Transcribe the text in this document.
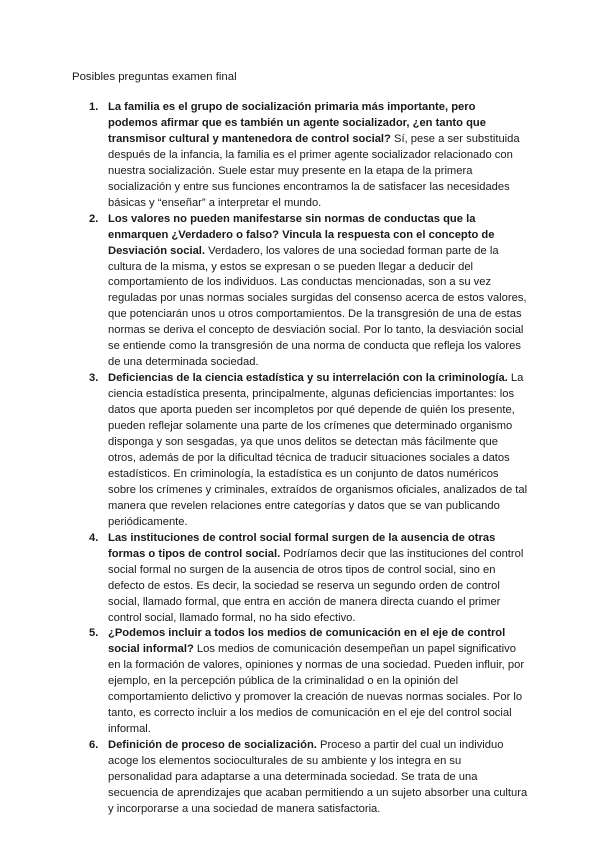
Posibles preguntas examen final
1. La familia es el grupo de socialización primaria más importante, pero podemos afirmar que es también un agente socializador, ¿en tanto que transmisor cultural y mantenedora de control social? Sí, pese a ser substituida después de la infancia, la familia es el primer agente socializador relacionado con nuestra socialización. Suele estar muy presente en la etapa de la primera socialización y entre sus funciones encontramos la de satisfacer las necesidades básicas y “enseñar” a interpretar el mundo.
2. Los valores no pueden manifestarse sin normas de conductas que la enmarquen ¿Verdadero o falso? Vincula la respuesta con el concepto de Desviación social. Verdadero, los valores de una sociedad forman parte de la cultura de la misma, y estos se expresan o se pueden llegar a deducir del comportamiento de los individuos. Las conductas mencionadas, son a su vez reguladas por unas normas sociales surgidas del consenso acerca de estos valores, que potenciarán unos u otros comportamientos. De la transgresión de una de estas normas se deriva el concepto de desviación social. Por lo tanto, la desviación social se entiende como la transgresión de una norma de conducta que refleja los valores de una determinada sociedad.
3. Deficiencias de la ciencia estadística y su interrelación con la criminología. La ciencia estadística presenta, principalmente, algunas deficiencias importantes: los datos que aporta pueden ser incompletos por qué depende de quién los presente, pueden reflejar solamente una parte de los crímenes que determinado organismo disponga y son sesgadas, ya que unos delitos se detectan más fácilmente que otros, además de por la dificultad técnica de traducir situaciones sociales a datos estadísticos. En criminología, la estadística es un conjunto de datos numéricos sobre los crímenes y criminales, extraídos de organismos oficiales, analizados de tal manera que revelen relaciones entre categorías y datos que se van publicando periódicamente.
4. Las instituciones de control social formal surgen de la ausencia de otras formas o tipos de control social. Podríamos decir que las instituciones del control social formal no surgen de la ausencia de otros tipos de control social, sino en defecto de estos. Es decir, la sociedad se reserva un segundo orden de control social, llamado formal, que entra en acción de manera directa cuando el primer control social, llamado formal, no ha sido efectivo.
5. ¿Podemos incluir a todos los medios de comunicación en el eje de control social informal? Los medios de comunicación desempeñan un papel significativo en la formación de valores, opiniones y normas de una sociedad. Pueden influir, por ejemplo, en la percepción pública de la criminalidad o en la opinión del comportamiento delictivo y promover la creación de nuevas normas sociales. Por lo tanto, es correcto incluir a los medios de comunicación en el eje del control social informal.
6. Definición de proceso de socialización. Proceso a partir del cual un individuo acoge los elementos socioculturales de su ambiente y los integra en su personalidad para adaptarse a una determinada sociedad. Se trata de una secuencia de aprendizajes que acaban permitiendo a un sujeto absorber una cultura y incorporarse a una sociedad de manera satisfactoria.
